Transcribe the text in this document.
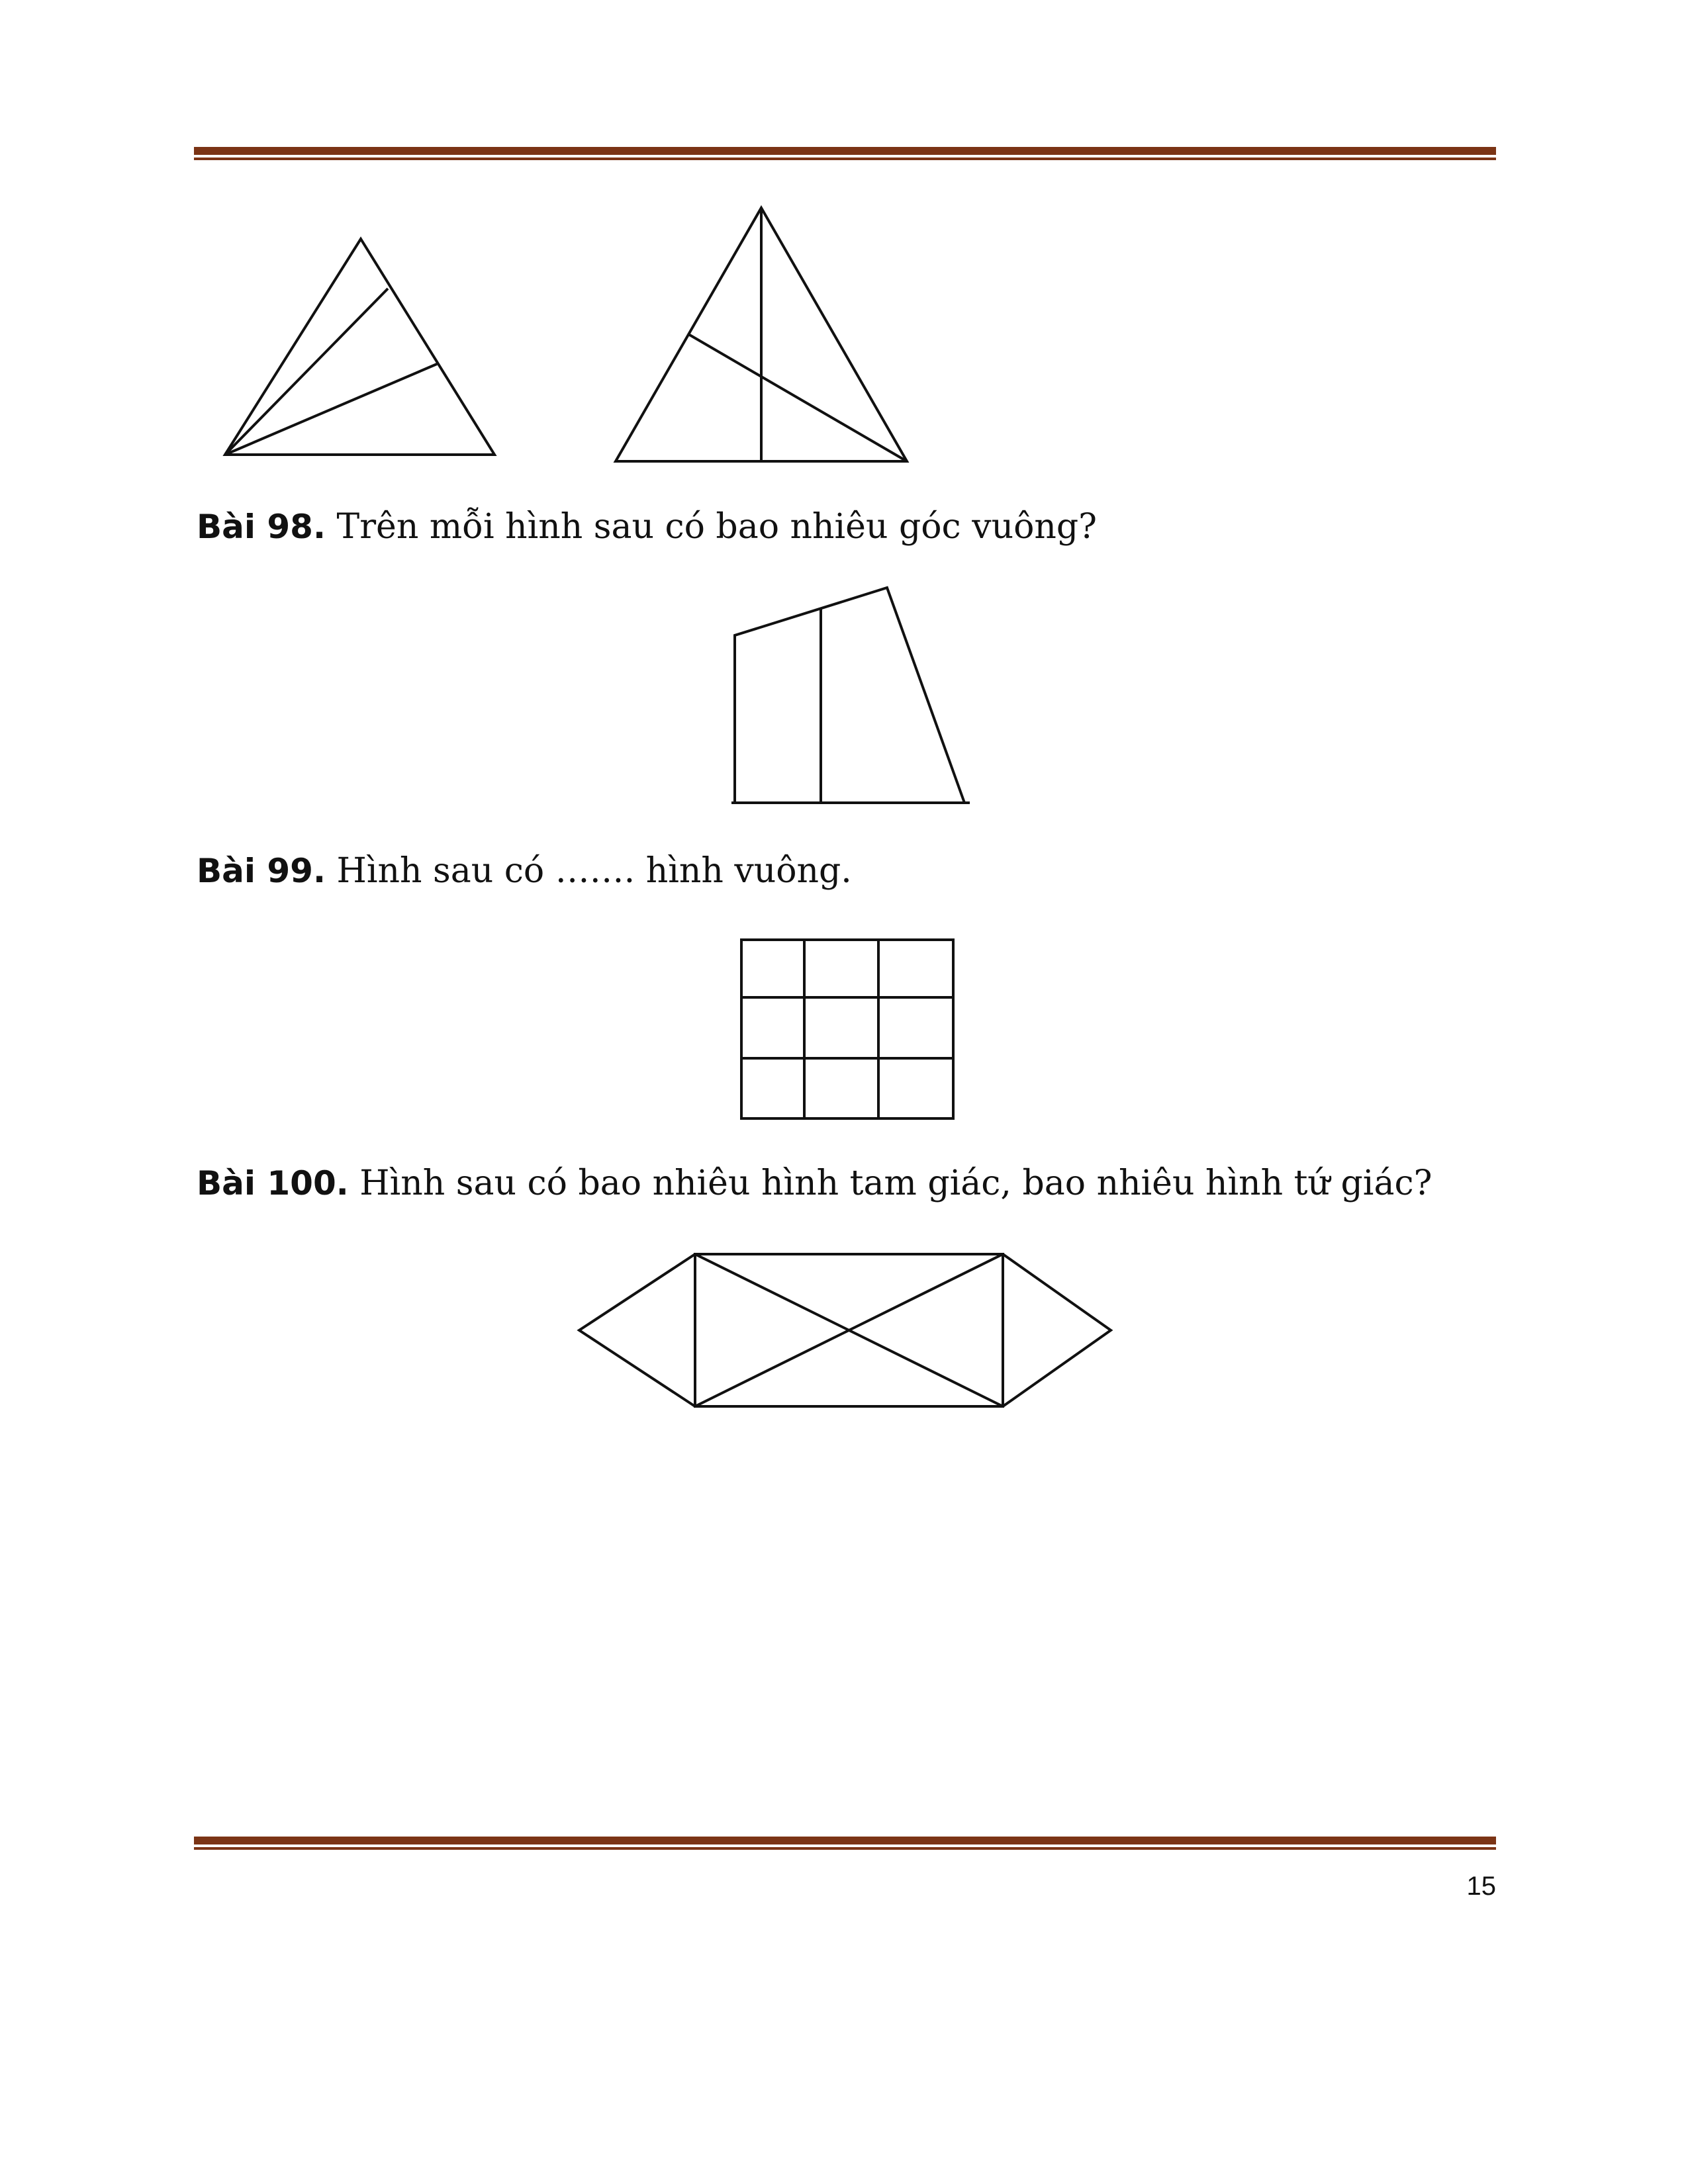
Bài 98. Trên mỗi hình sau có bao nhiêu góc vuông?
Bài 99. Hình sau có ……. hình vuông.
Bài 100. Hình sau có bao nhiêu hình tam giác, bao nhiêu hình tứ giác?
15
